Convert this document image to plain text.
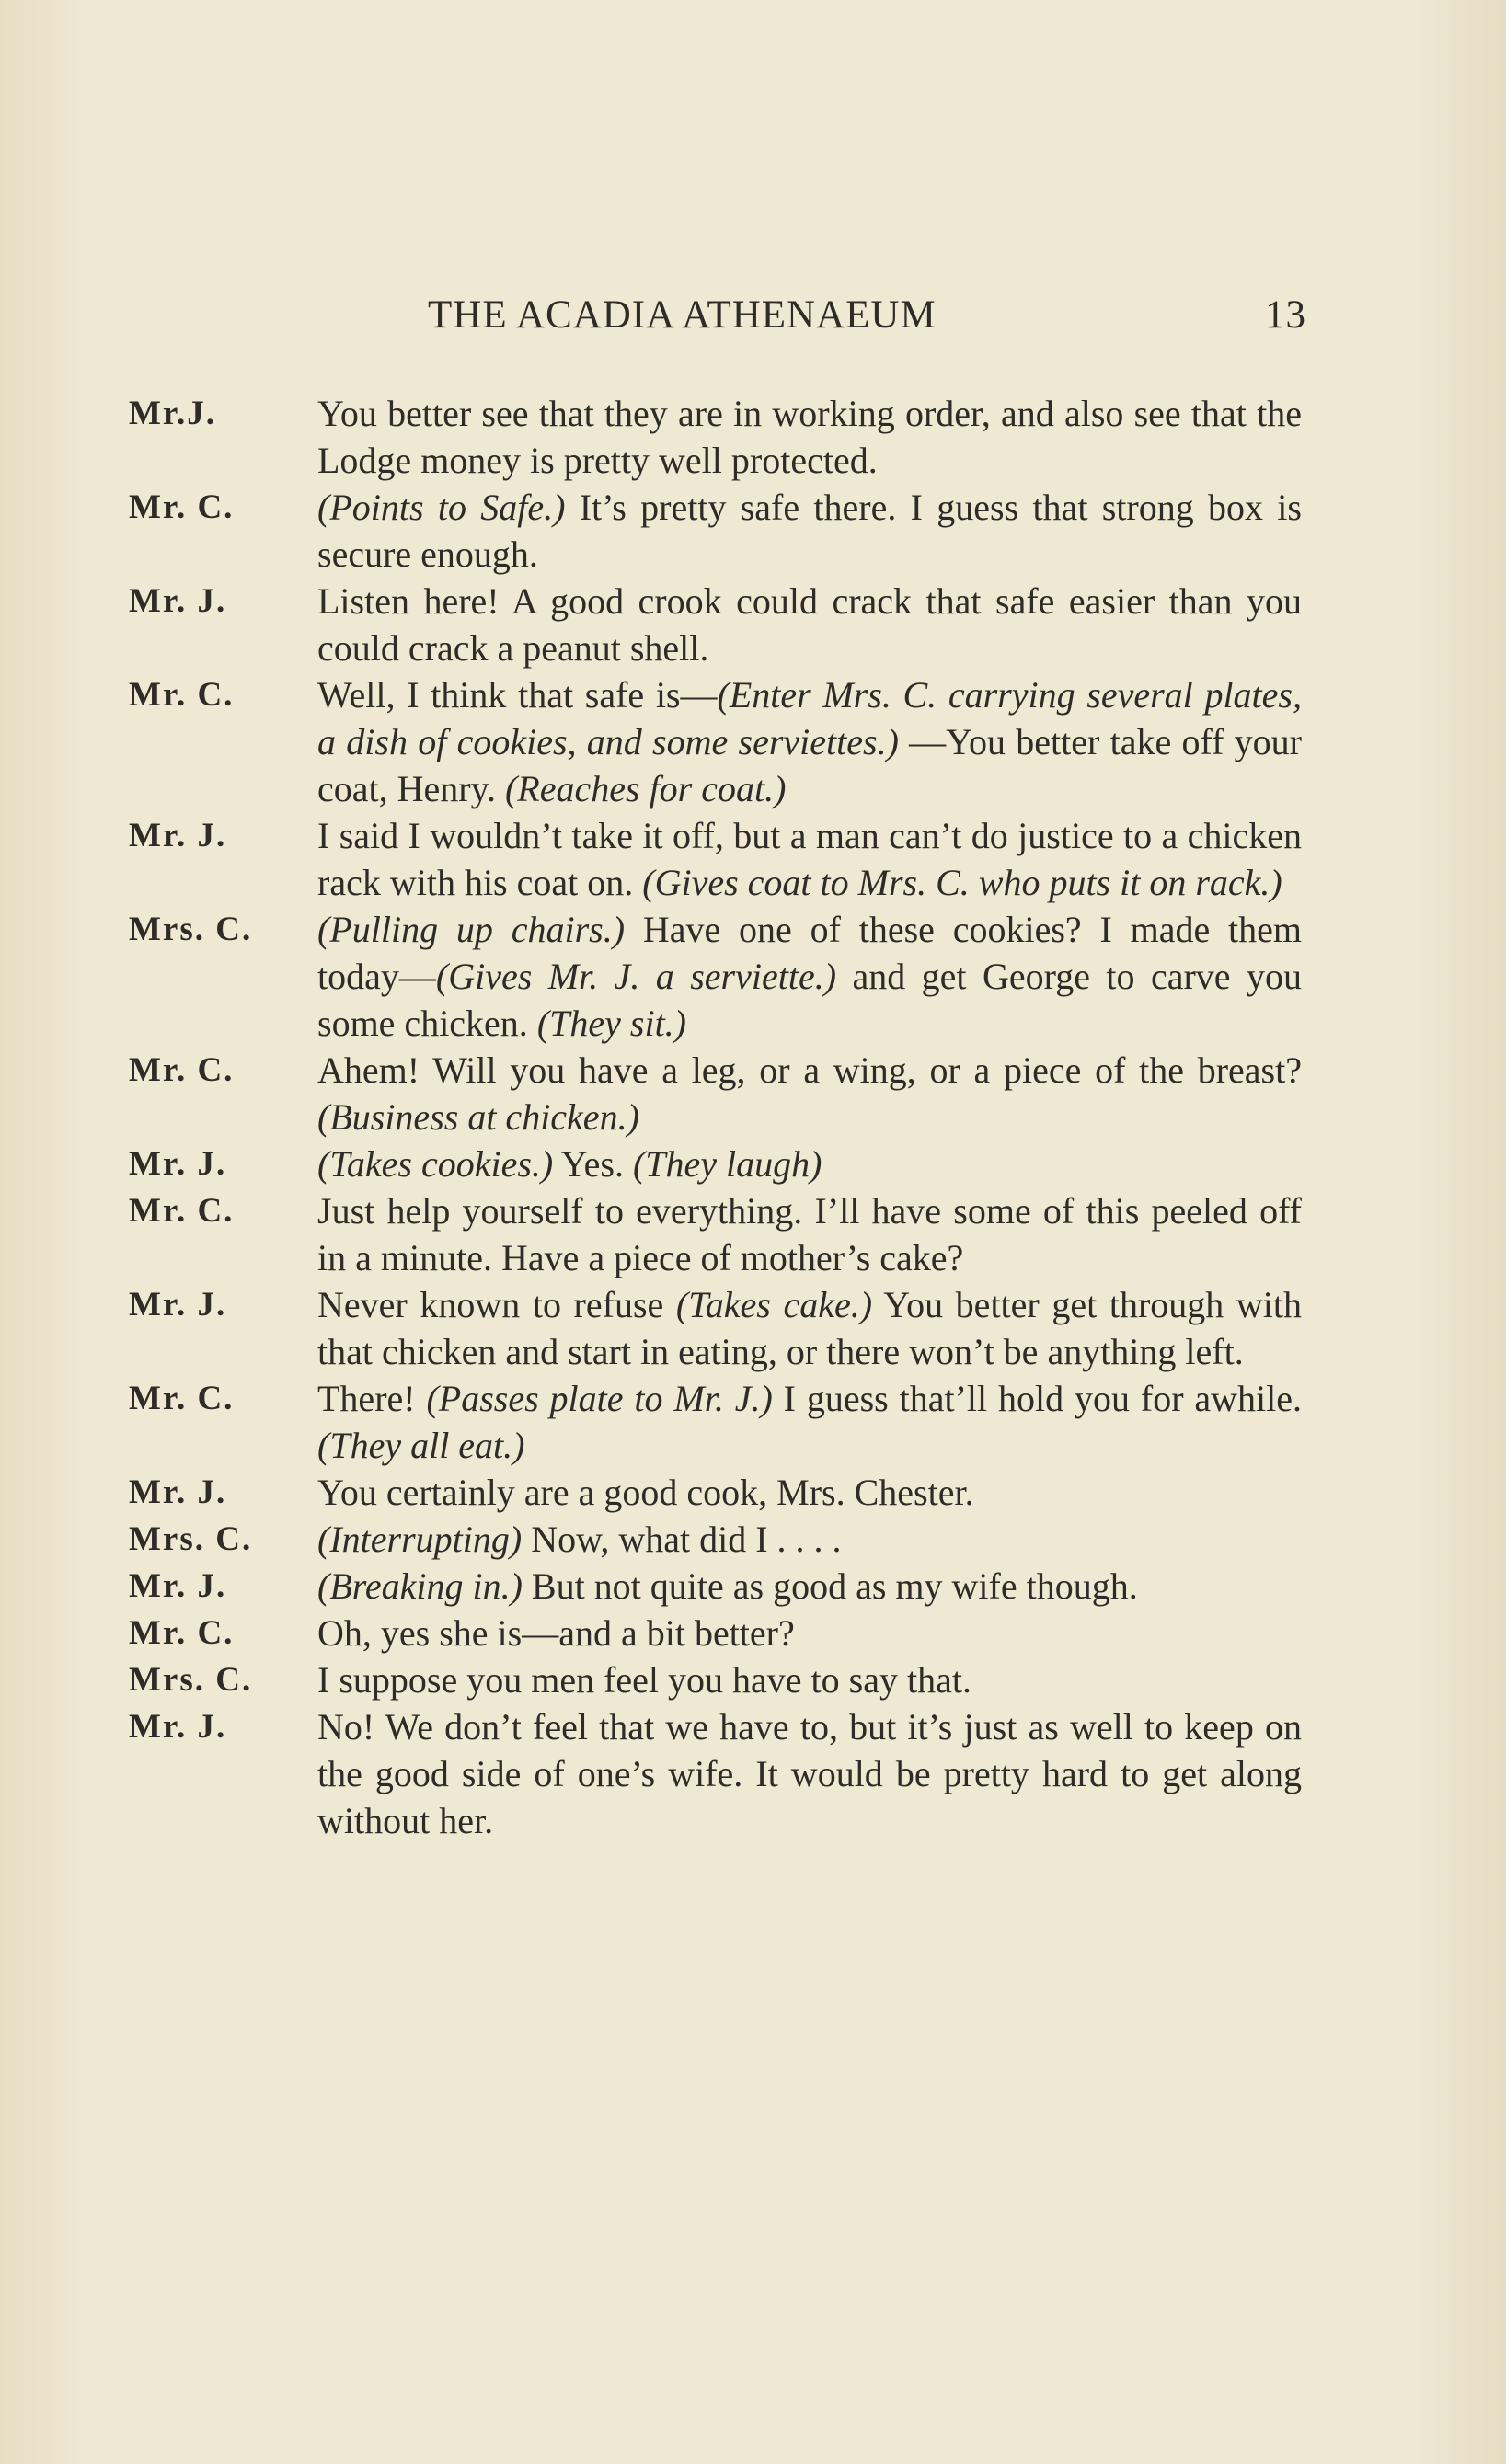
THE ACADIA ATHENAEUM	13
Mr.J.	You better see that they are in working order, and also see that the Lodge money is pretty well protected.
Mr. C.	(Points to Safe.) It’s pretty safe there. I guess that strong box is secure enough.
Mr. J.	Listen here! A good crook could crack that safe easier than you could crack a peanut shell.
Mr. C.	Well, I think that safe is—(Enter Mrs. C. carrying several plates, a dish of cookies, and some serviettes.) —You better take off your coat, Henry. (Reaches for coat.)
Mr. J.	I said I wouldn’t take it off, but a man can’t do justice to a chicken rack with his coat on. (Gives coat to Mrs. C. who puts it on rack.)
Mrs. C.	(Pulling up chairs.) Have one of these cookies? I made them today—(Gives Mr. J. a serviette.) and get George to carve you some chicken. (They sit.)
Mr. C.	Ahem! Will you have a leg, or a wing, or a piece of the breast? (Business at chicken.)
Mr. J.	(Takes cookies.) Yes. (They laugh)
Mr. C.	Just help yourself to everything. I’ll have some of this peeled off in a minute. Have a piece of mother’s cake?
Mr. J.	Never known to refuse (Takes cake.) You better get through with that chicken and start in eating, or there won’t be anything left.
Mr. C.	There! (Passes plate to Mr. J.) I guess that’ll hold you for awhile. (They all eat.)
Mr. J.	You certainly are a good cook, Mrs. Chester.
Mrs. C.	(Interrupting) Now, what did I . . . .
Mr. J.	(Breaking in.) But not quite as good as my wife though.
Mr. C.	Oh, yes she is—and a bit better?
Mrs. C.	I suppose you men feel you have to say that.
Mr. J.	No! We don’t feel that we have to, but it’s just as well to keep on the good side of one’s wife. It would be pretty hard to get along without her.
